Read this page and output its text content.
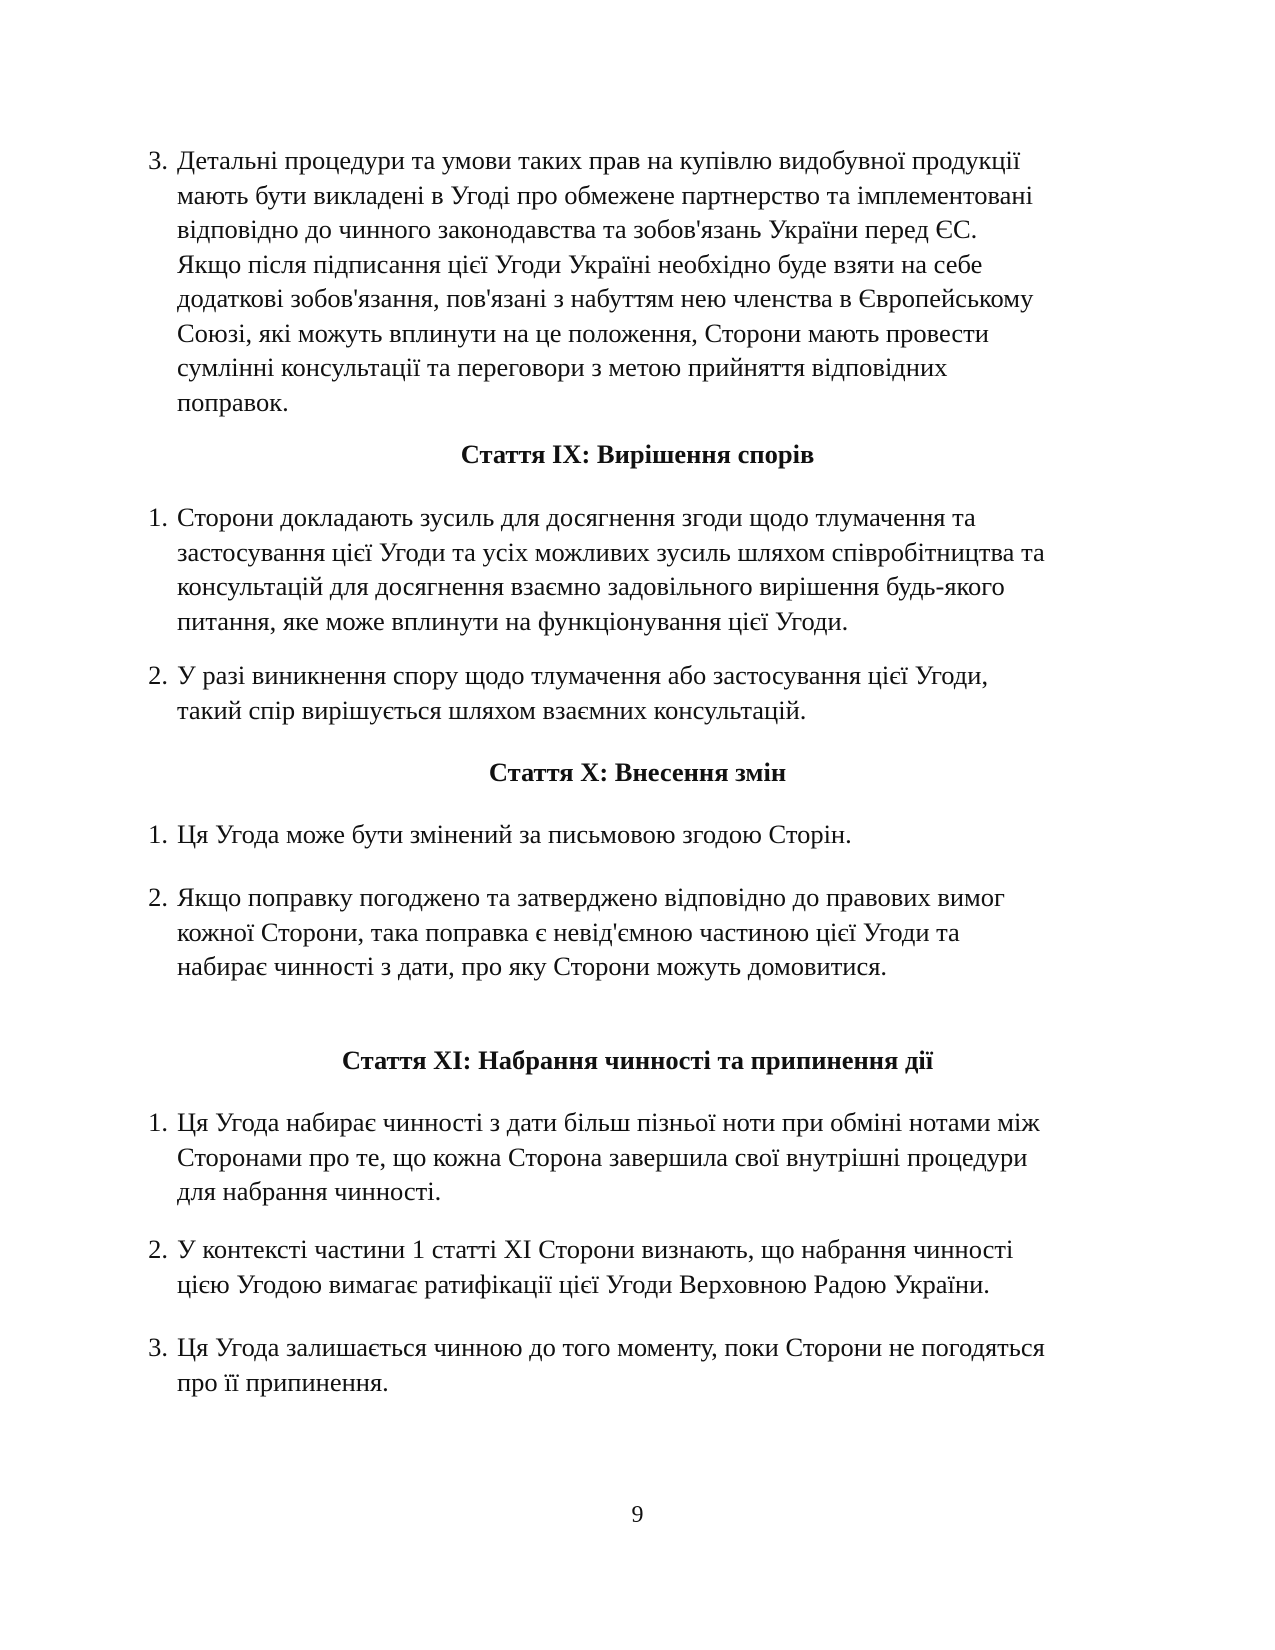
3. Детальні процедури та умови таких прав на купівлю видобувної продукції
мають бути викладені в Угоді про обмежене партнерство та імплементовані
відповідно до чинного законодавства та зобов'язань України перед ЄС.
Якщо після підписання цієї Угоди Україні необхідно буде взяти на себе
додаткові зобов'язання, пов'язані з набуттям нею членства в Європейському
Союзі, які можуть вплинути на це положення, Сторони мають провести
сумлінні консультації та переговори з метою прийняття відповідних
поправок.
Стаття IX: Вирішення спорів
1. Сторони докладають зусиль для досягнення згоди щодо тлумачення та
застосування цієї Угоди та усіх можливих зусиль шляхом співробітництва та
консультацій для досягнення взаємно задовільного вирішення будь-якого
питання, яке може вплинути на функціонування цієї Угоди.
2. У разі виникнення спору щодо тлумачення або застосування цієї Угоди,
такий спір вирішується шляхом взаємних консультацій.
Стаття X: Внесення змін
1. Ця Угода може бути змінений за письмовою згодою Сторін.
2. Якщо поправку погоджено та затверджено відповідно до правових вимог
кожної Сторони, така поправка є невід'ємною частиною цієї Угоди та
набирає чинності з дати, про яку Сторони можуть домовитися.
Стаття XI: Набрання чинності та припинення дії
1. Ця Угода набирає чинності з дати більш пізньої ноти при обміні нотами між
Сторонами про те, що кожна Сторона завершила свої внутрішні процедури
для набрання чинності.
2. У контексті частини 1 статті XI Сторони визнають, що набрання чинності
цією Угодою вимагає ратифікації цієї Угоди Верховною Радою України.
3. Ця Угода залишається чинною до того моменту, поки Сторони не погодяться
про її припинення.
9
